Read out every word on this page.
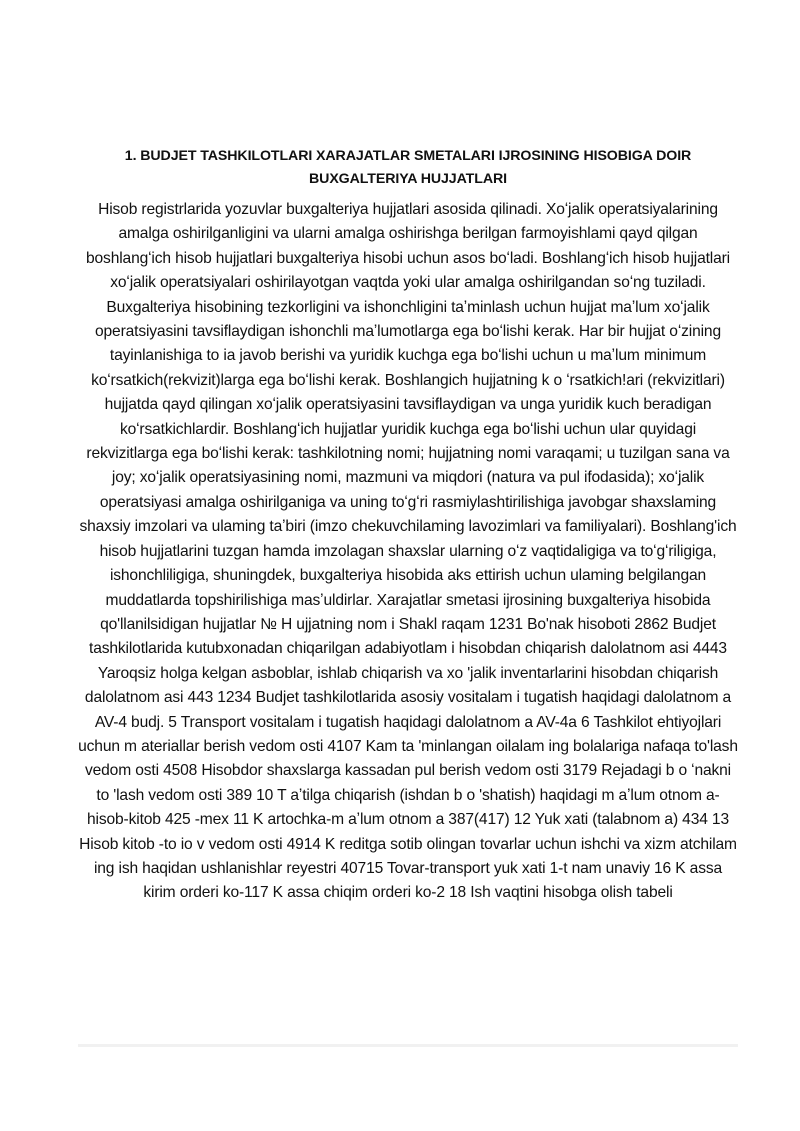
1. BUDJET TASHKILOTLARI XARAJATLAR SMETALARI IJROSINING HISOBIGA DOIR
BUXGALTERIYA HUJJATLARI

Hisob registrlarida yozuvlar buxgalteriya hujjatlari asosida qilinadi. Xoʻjalik operatsiyalarining amalga oshirilganligini va ularni amalga oshirishga berilgan farmoyishlami qayd qilgan boshlangʻich hisob hujjatlari buxgalteriya hisobi uchun asos boʻladi. Boshlangʻich hisob hujjatlari xoʻjalik operatsiyalari oshirilayotgan vaqtda yoki ular amalga oshirilgandan soʻng tuziladi. Buxgalteriya hisobining tezkorligini va ishonchligini taʼminlash uchun hujjat maʼlum xoʻjalik operatsiyasini tavsiflaydigan ishonchli maʼlumotlarga ega boʻlishi kerak. Har bir hujjat oʻzining tayinlanishiga to ia javob berishi va yuridik kuchga ega boʻlishi uchun u maʼlum minimum koʻrsatkich(rekvizit)larga ega boʻlishi kerak. Boshlangich hujjatning k o ʻrsatkich!ari (rekvizitlari) hujjatda qayd qilingan xoʻjalik operatsiyasini tavsiflaydigan va unga yuridik kuch beradigan koʻrsatkichlardir. Boshlangʻich hujjatlar yuridik kuchga ega boʻlishi uchun ular quyidagi rekvizitlarga ega boʻlishi kerak: tashkilotning nomi; hujjatning nomi varaqami; u tuzilgan sana va joy; xoʻjalik operatsiyasining nomi, mazmuni va miqdori (natura va pul ifodasida); xoʻjalik operatsiyasi amalga oshirilganiga va uning toʻgʻri rasmiylashtirilishiga javobgar shaxslaming shaxsiy imzolari va ulaming taʼbiri (imzo chekuvchilaming lavozimlari va familiyalari). Boshlang'ich hisob hujjatlarini tuzgan hamda imzolagan shaxslar ularning oʻz vaqtidaligiga va toʻgʻriligiga, ishonchliligiga, shuningdek, buxgalteriya hisobida aks ettirish uchun ulaming belgilangan muddatlarda topshirilishiga masʼuldirlar. Xarajatlar smetasi ijrosining buxgalteriya hisobida qo'llanilsidigan hujjatlar № H ujjatning nom i Shakl raqam 1231 Bo'nak hisoboti 2862 Budjet tashkilotlarida kutubxonadan chiqarilgan adabiyotlam i hisobdan chiqarish dalolatnom asi 4443 Yaroqsiz holga kelgan asboblar, ishlab chiqarish va xo 'jalik inventarlarini hisobdan chiqarish dalolatnom asi 443 1234 Budjet tashkilotlarida asosiy vositalam i tugatish haqidagi dalolatnom a AV-4 budj. 5 Transport vositalam i tugatish haqidagi dalolatnom a AV-4a 6 Tashkilot ehtiyojlari uchun m ateriallar berish vedom osti 4107 Kam ta 'minlangan oilalam ing bolalariga nafaqa to'lash vedom osti 4508 Hisobdor shaxslarga kassadan pul berish vedom osti 3179 Rejadagi b o ʻnakni to 'lash vedom osti 389 10 T aʼtilga chiqarish (ishdan b o 'shatish) haqidagi m aʼlum otnom a-hisob-kitob 425 -mex 11 K artochka-m aʼlum otnom a 387(417) 12 Yuk xati (talabnom a) 434 13 Hisob kitob -to io v vedom osti 4914 K reditga sotib olingan tovarlar uchun ishchi va xizm atchilam ing ish haqidan ushlanishlar reyestri 40715 Tovar-transport yuk xati 1-t nam unaviy 16 K assa kirim orderi ko-117 K assa chiqim orderi ko-2 18 Ish vaqtini hisobga olish tabeli
